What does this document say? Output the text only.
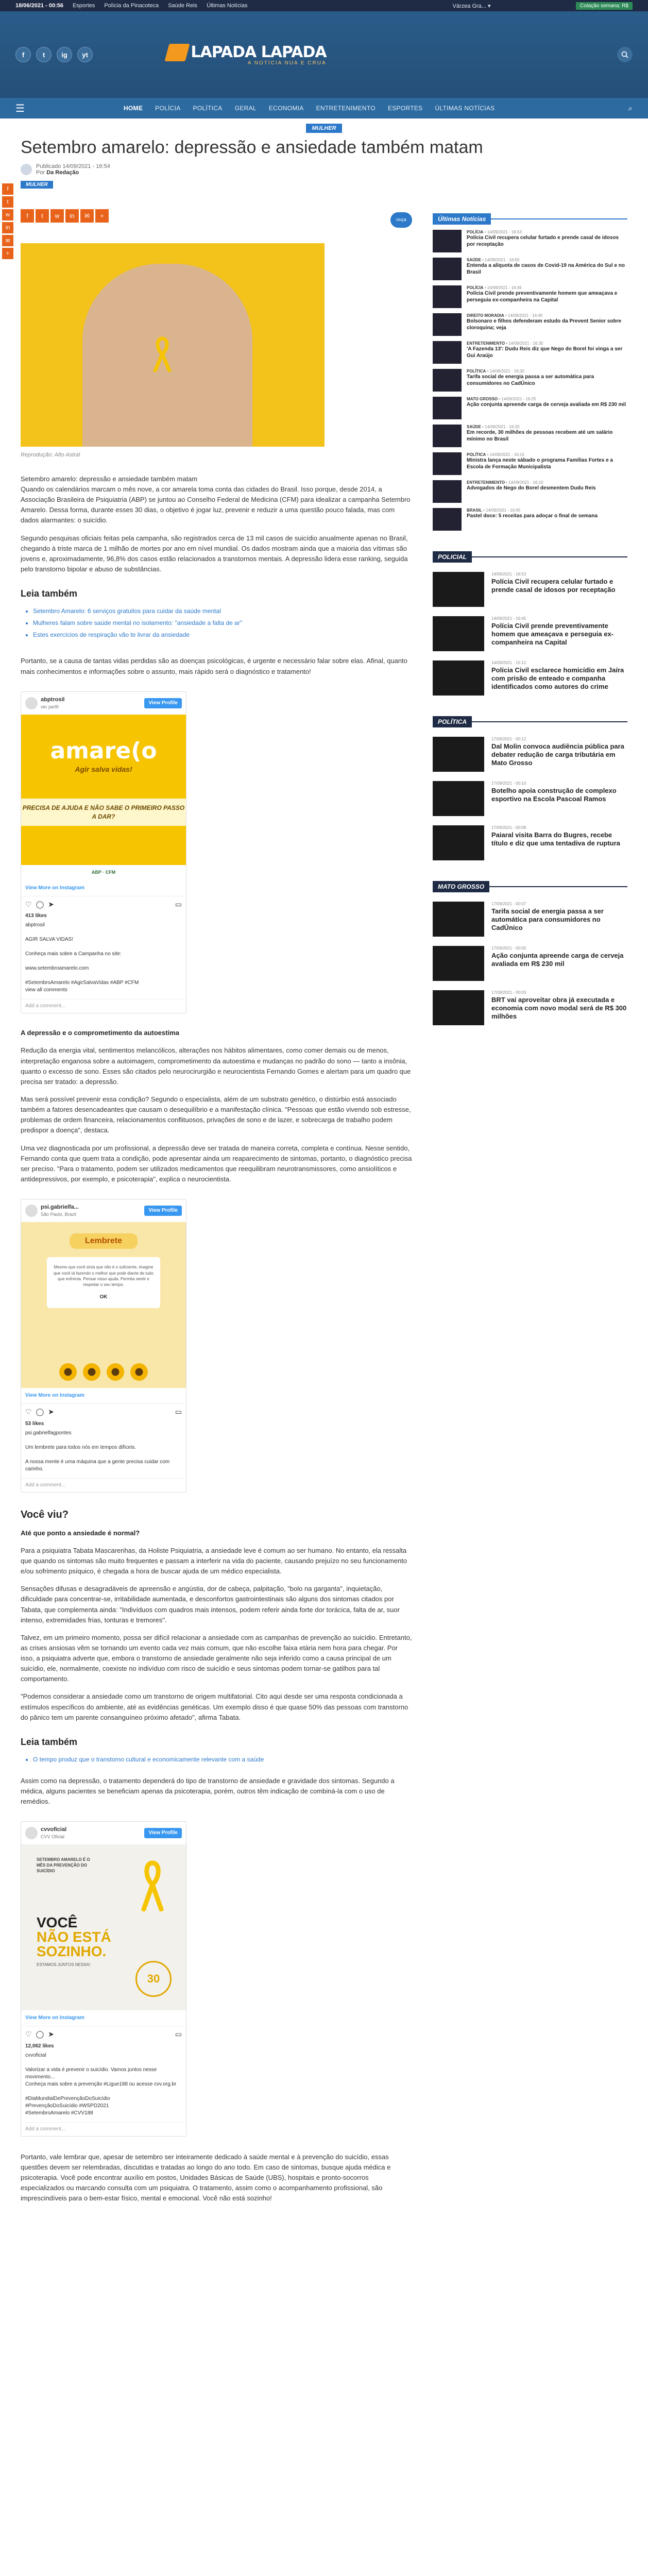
18/06/2021 - 00:56 Esportes Polícia da Pinacoteca Saúde Reis Últimas Notícias	Várzea Gra... ▾	Cotação semana: R$
f	t	ig	yt	LAPADA LAPADA
A NOTÍCIA NUA E CRUA
☰	HOME	POLÍCIA	POLÍTICA	GERAL	ECONOMIA	ENTRETENIMENTO	ESPORTES	ÚLTIMAS NOTÍCIAS	⌕
MULHER
f
t
w
in
✉
+
Setembro amarelo: depressão e ansiedade também matam
Publicado 14/09/2021 - 16:54
Por Da Redação
MULHER
f	t	w	in	✉	+
ouça
Reprodução: Alto Astral

Setembro amarelo: depressão e ansiedade também matam

Quando os calendários marcam o mês nove, a cor amarela toma conta das cidades do Brasil. Isso porque, desde 2014, a Associação Brasileira de Psiquiatria (ABP) se juntou ao Conselho Federal de Medicina (CFM) para idealizar a campanha Setembro Amarelo. Dessa forma, durante esses 30 dias, o objetivo é jogar luz, prevenir e reduzir a uma questão pouco falada, mas com dados alarmantes: o suicídio.

Segundo pesquisas oficiais feitas pela campanha, são registrados cerca de 13 mil casos de suicídio anualmente apenas no Brasil, chegando à triste marca de 1 milhão de mortes por ano em nível mundial. Os dados mostram ainda que a maioria das vítimas são jovens e, aproximadamente, 96,8% dos casos estão relacionados a transtornos mentais. A depressão lidera esse ranking, seguida pelo transtorno bipolar e abuso de substâncias.

Leia também
• Setembro Amarelo: 6 serviços gratuitos para cuidar da saúde mental
• Mulheres falam sobre saúde mental no isolamento: "ansiedade a falta de ar"
• Estes exercícios de respiração vão te livrar da ansiedade

Portanto, se a causa de tantas vidas perdidas são as doenças psicológicas, é urgente e necessário falar sobre elas. Afinal, quanto mais conhecimentos e informações sobre o assunto, mais rápido será o diagnóstico e tratamento!

abptrosil
ver perfil
View Profile
amare(o
Agir salva vidas!
PRECISA DE AJUDA E NÃO SABE O PRIMEIRO PASSO A DAR?
ABP · CFM
View More on Instagram
♡ ◯ ➤	▭
413 likes
abptrosil

AGIR SALVA VIDAS!

Conheça mais sobre a Campanha no site:

www.setembroamarelo.com

#SetembroAmarelo #AgirSalvaVidas #ABP #CFM
view all comments
Add a comment...
A depressão e o comprometimento da autoestima

Redução da energia vital, sentimentos melancólicos, alterações nos hábitos alimentares, como comer demais ou de menos, interpretação enganosa sobre a autoimagem, comprometimento da autoestima e mudanças no padrão do sono — tanto a insônia, quanto o excesso de sono. Esses são citados pelo neurocirurgião e neurocientista Fernando Gomes e alertam para um quadro que precisa ser tratado: a depressão.

Mas será possível prevenir essa condição? Segundo o especialista, além de um substrato genético, o distúrbio está associado também a fatores desencadeantes que causam o desequilíbrio e a manifestação clínica. "Pessoas que estão vivendo sob estresse, problemas de ordem financeira, relacionamentos conflituosos, privações de sono e de lazer, e sobrecarga de trabalho podem predispor a doença", destaca.

Uma vez diagnosticada por um profissional, a depressão deve ser tratada de maneira correta, completa e contínua. Nesse sentido, Fernando conta que quem trata a condição, pode apresentar ainda um reaparecimento de sintomas, portanto, o diagnóstico precisa ser preciso. "Para o tratamento, podem ser utilizados medicamentos que reequilibram neurotransmissores, como ansiolíticos e antidepressivos, por exemplo, e psicoterapia", explica o neurocientista.

psi.gabrielfa...
São Paulo, Brazil
View Profile
Lembrete
Mesmo que você sinta que não é o suficiente, imagine que você tá fazendo o melhor que pode diante de tudo que enfrenta. Pensar nisso ajuda. Permita sentir e respeitar o seu tempo.
OK
View More on Instagram
♡ ◯ ➤	▭
53 likes
psi.gabrielfagpontes

Um lembrete para todos nós em tempos difíceis.

A nossa mente é uma máquina que a gente precisa cuidar com carinho.
Add a comment...
Você viu?
Até que ponto a ansiedade é normal?

Para a psiquiatra Tabata Mascarenhas, da Holiste Psiquiatria, a ansiedade leve é comum ao ser humano. No entanto, ela ressalta que quando os sintomas são muito frequentes e passam a interferir na vida do paciente, causando prejuízo no seu funcionamento e/ou sofrimento psíquico, é chegada a hora de buscar ajuda de um médico especialista.

Sensações difusas e desagradáveis de apreensão e angústia, dor de cabeça, palpitação, "bolo na garganta", inquietação, dificuldade para concentrar-se, irritabilidade aumentada, e desconfortos gastrointestinais são alguns dos sintomas citados por Tabata, que complementa ainda: "Indivíduos com quadros mais intensos, podem referir ainda forte dor torácica, falta de ar, suor intenso, extremidades frias, tonturas e tremores".

Talvez, em um primeiro momento, possa ser difícil relacionar a ansiedade com as campanhas de prevenção ao suicídio. Entretanto, as crises ansiosas vêm se tornando um evento cada vez mais comum, que não escolhe faixa etária nem hora para chegar. Por isso, a psiquiatra adverte que, embora o transtorno de ansiedade geralmente não seja inferido como a causa principal de um suicídio, ele, normalmente, coexiste no indivíduo com risco de suicídio e seus sintomas podem tornar-se gatilhos para tal comportamento.

"Podemos considerar a ansiedade como um transtorno de origem multifatorial. Cito aqui desde ser uma resposta condicionada a estímulos específicos do ambiente, até as evidências genéticas. Um exemplo disso é que quase 50% das pessoas com transtorno do pânico tem um parente consanguíneo próximo afetado", afirma Tabata.

Leia também
• O tempo produz que o transtorno cultural e economicamente relevante com a saúde

Assim como na depressão, o tratamento dependerá do tipo de transtorno de ansiedade e gravidade dos sintomas. Segundo a médica, alguns pacientes se beneficiam apenas da psicoterapia, porém, outros têm indicação de combiná-la com o uso de remédios.

cvvoficial
CVV Oficial
View Profile
SETEMBRO AMARELO É O MÊS DA PREVENÇÃO DO SUICÍDIO
VOCÊ
NÃO ESTÁ
SOZINHO.
ESTAMOS JUNTOS NESSA!
30
View More on Instagram
♡ ◯ ➤	▭
12,062 likes
cvvoficial

Valorizar a vida é prevenir o suicídio. Vamos juntos nesse movimento...
Conheça mais sobre a prevenção #Ligue188 ou acesse cvv.org.br

#DiaMundialDePrevençãoDoSuicídio
#PrevençãoDoSuicídio #WSPD2021
#SetembroAmarelo #CVV188
Add a comment...

Portanto, vale lembrar que, apesar de setembro ser inteiramente dedicado à saúde mental e à prevenção do suicídio, essas questões devem ser relembradas, discutidas e tratadas ao longo do ano todo. Em caso de sintomas, busque ajuda médica e psicoterapia. Você pode encontrar auxílio em postos, Unidades Básicas de Saúde (UBS), hospitais e pronto-socorros especializados ou marcando consulta com um psiquiatra. O tratamento, assim como o acompanhamento profissional, são imprescindíveis para o bem-estar físico, mental e emocional. Você não está sozinho!

Últimas Notícias
POLÍCIA • 14/09/2021 - 16:53
Polícia Civil recupera celular furtado e prende casal de idosos por receptação
SAÚDE • 14/09/2021 - 16:50
Entenda a alíquota de casos de Covid-19 na América do Sul e no Brasil
POLÍCIA • 14/09/2021 - 16:45
Polícia Civil prende preventivamente homem que ameaçava e perseguia ex-companheira na Capital
DIREITO MORADIA • 14/09/2021 - 16:40
Bolsonaro e filhos defenderam estudo da Prevent Senior sobre cloroquina; veja
ENTRETENIMENTO • 14/09/2021 - 16:35
'A Fazenda 13': Dudu Reis diz que Nego do Borel foi vinga a ser Gui Araújo
POLÍTICA • 14/09/2021 - 16:30
Tarifa social de energia passa a ser automática para consumidores no CadÚnico
MATO GROSSO • 14/09/2021 - 16:25
Ação conjunta apreende carga de cerveja avaliada em R$ 230 mil
SAÚDE • 14/09/2021 - 16:20
Em recorde, 30 milhões de pessoas recebem até um salário mínimo no Brasil
POLÍTICA • 14/09/2021 - 16:15
Ministra lança neste sábado o programa Famílias Fortes e a Escola de Formação Municipalista
ENTRETENIMENTO • 14/09/2021 - 16:10
Advogados de Nego do Borel desmentem Dudu Reis
BRASIL • 14/09/2021 - 16:05
Pastel doce: 5 receitas para adoçar o final de semana
POLICIAL
14/09/2021 - 16:53
Polícia Civil recupera celular furtado e prende casal de idosos por receptação
14/09/2021 - 16:45
Polícia Civil prende preventivamente homem que ameaçava e perseguia ex-companheira na Capital
14/09/2021 - 15:12
Polícia Civil esclarece homicídio em Jaíra com prisão de enteado e companha identificados como autores do crime
POLÍTICA
17/09/2021 - 00:12
Dal Molin convoca audiência pública para debater redução de carga tributária em Mato Grosso
17/09/2021 - 00:10
Botelho apoia construção de complexo esportivo na Escola Pascoal Ramos
17/09/2021 - 00:08
Paiaral visita Barra do Bugres, recebe título e diz que uma tentadiva de ruptura
MATO GROSSO
17/09/2021 - 00:07
Tarifa social de energia passa a ser automática para consumidores no CadÚnico
17/09/2021 - 00:05
Ação conjunta apreende carga de cerveja avaliada em R$ 230 mil
17/09/2021 - 00:03
BRT vai aproveitar obra já executada e economia com novo modal será de R$ 300 milhões
